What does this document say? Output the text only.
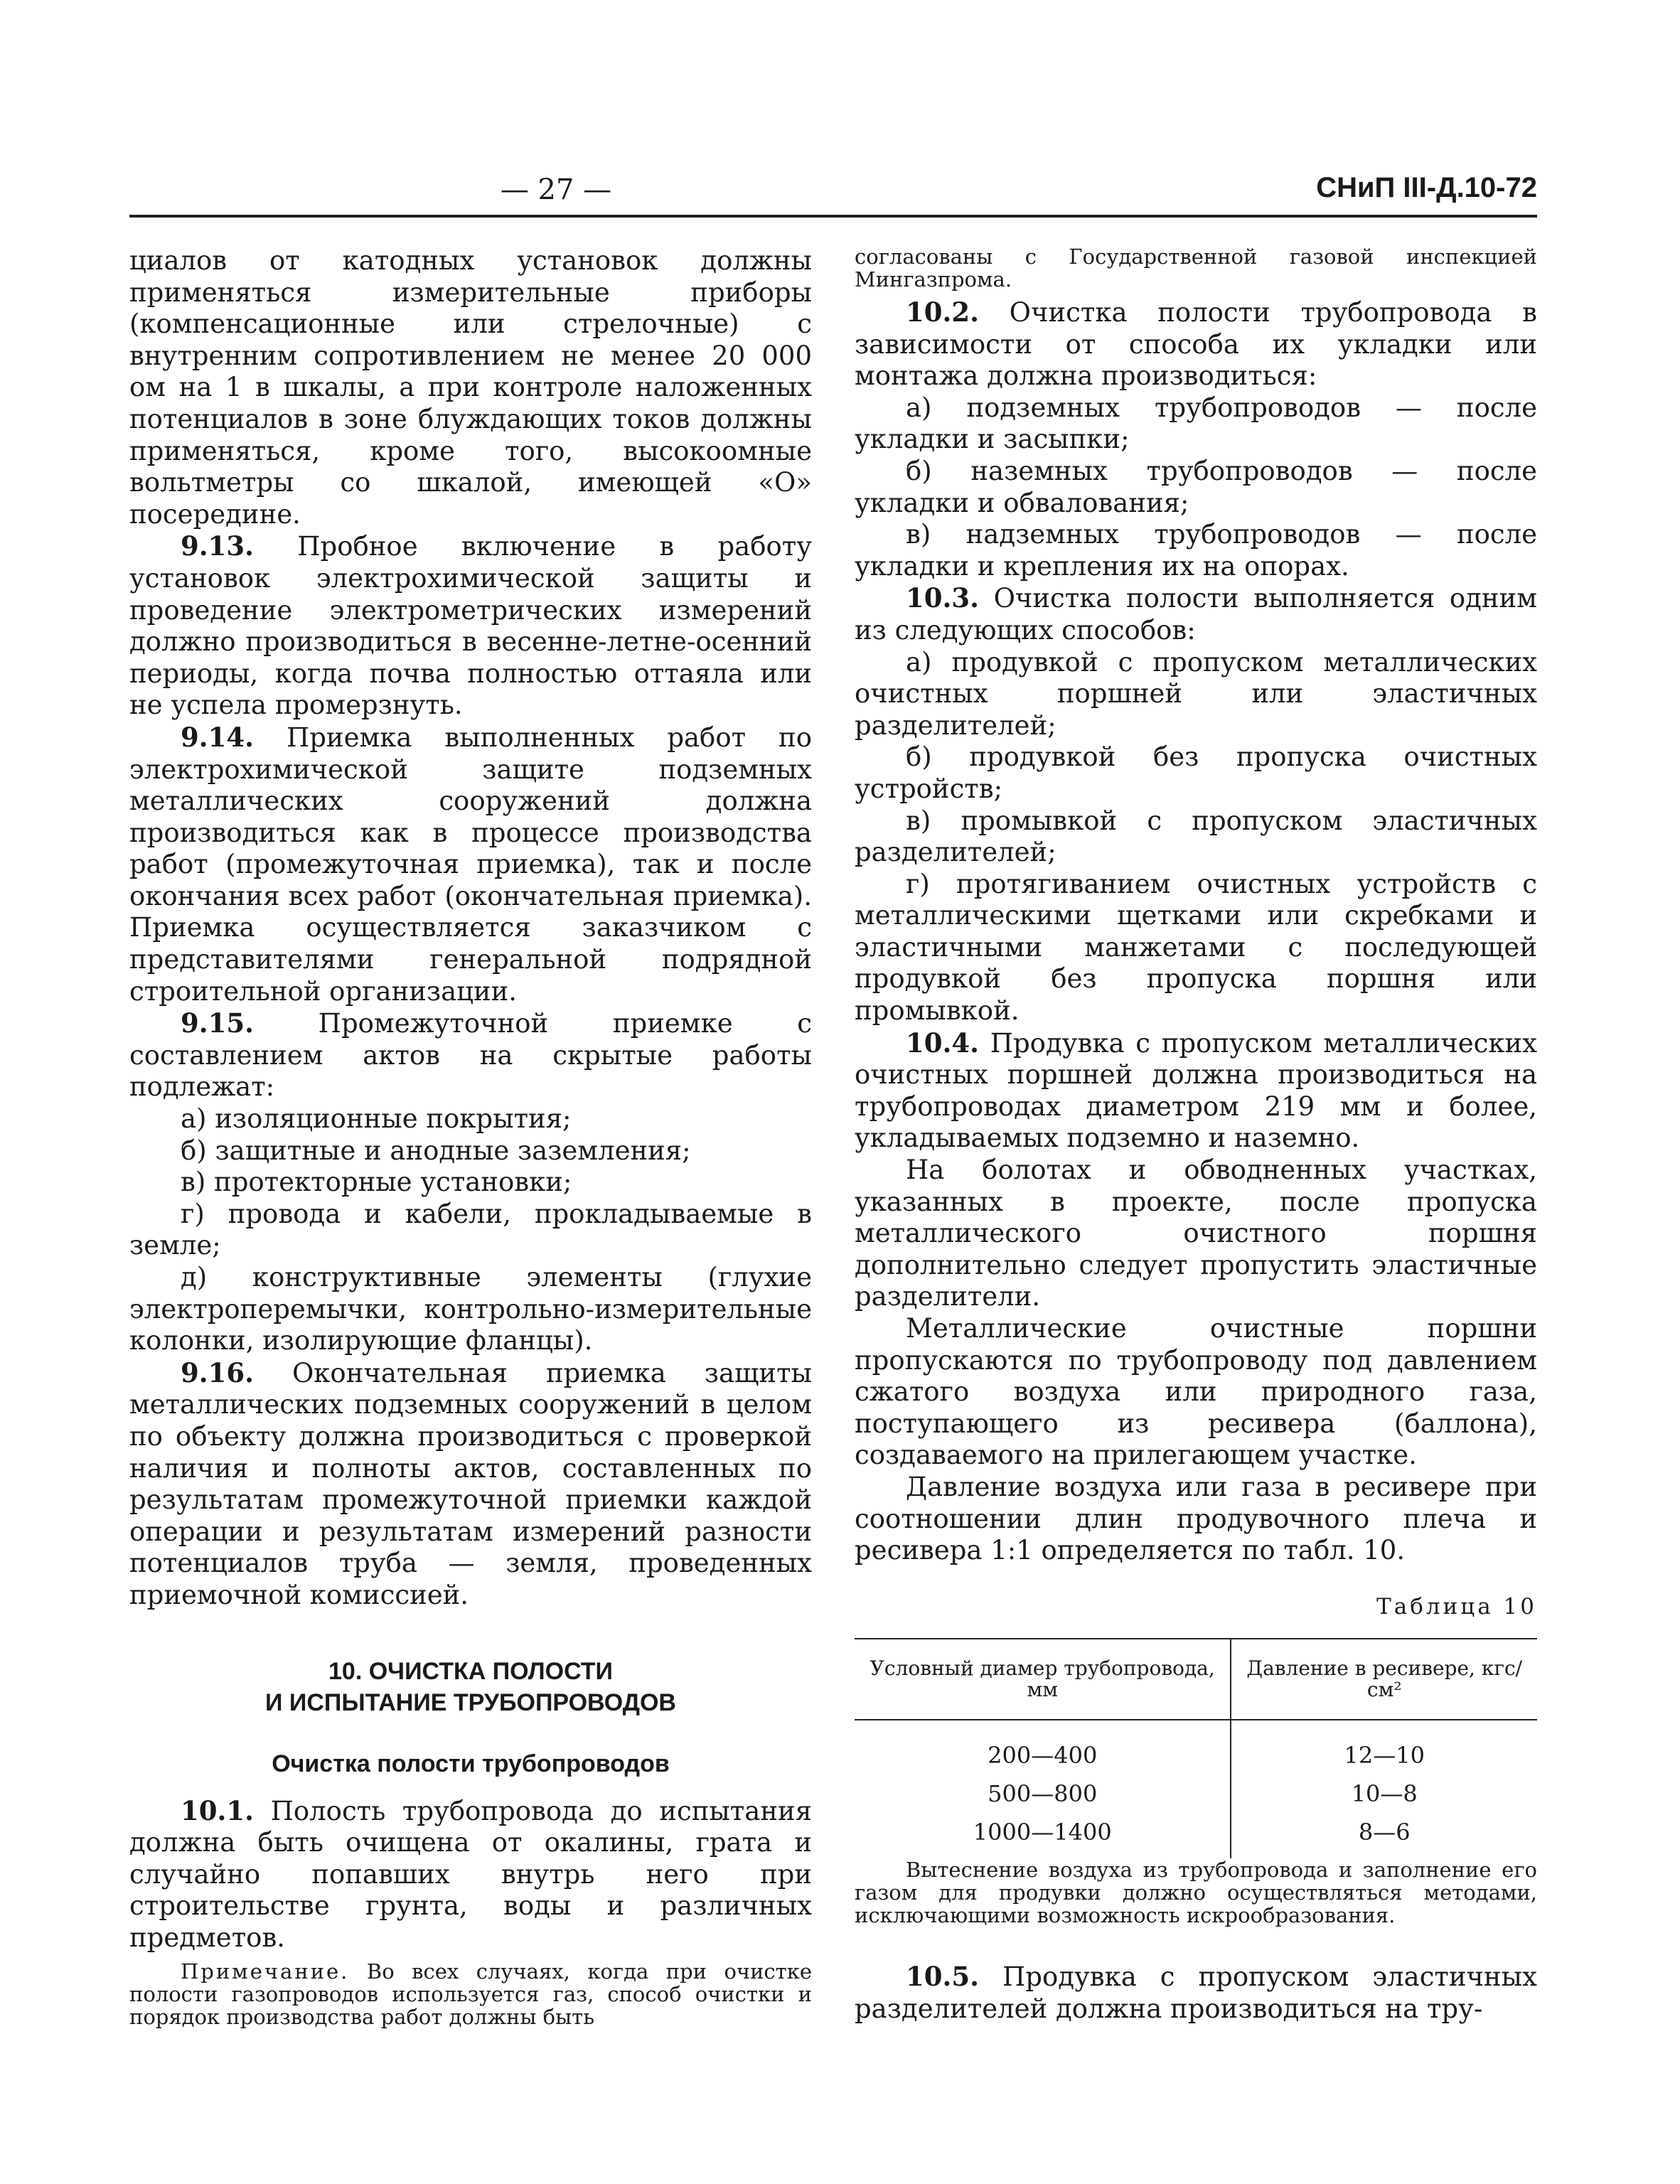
— 27 —	СНиП III-Д.10-72

циалов от катодных установок должны применяться измерительные приборы (компенсационные или стрелочные) с внутренним сопротивлением не менее 20 000 ом на 1 в шкалы, а при контроле наложенных потенциалов в зоне блуждающих токов должны применяться, кроме того, высокоомные вольтметры со шкалой, имеющей «О» посередине.

9.13. Пробное включение в работу установок электрохимической защиты и проведение электрометрических измерений должно производиться в весенне-летне-осенний периоды, когда почва полностью оттаяла или не успела промерзнуть.

9.14. Приемка выполненных работ по электрохимической защите подземных металлических сооружений должна производиться как в процессе производства работ (промежуточная приемка), так и после окончания всех работ (окончательная приемка). Приемка осуществляется заказчиком с представителями генеральной подрядной строительной организации.

9.15. Промежуточной приемке с составлением актов на скрытые работы подлежат:

а) изоляционные покрытия;

б) защитные и анодные заземления;

в) протекторные установки;

г) провода и кабели, прокладываемые в земле;

д) конструктивные элементы (глухие электроперемычки, контрольно-измерительные колонки, изолирующие фланцы).

9.16. Окончательная приемка защиты металлических подземных сооружений в целом по объекту должна производиться с проверкой наличия и полноты актов, составленных по результатам промежуточной приемки каждой операции и результатам измерений разности потенциалов труба — земля, проведенных приемочной комиссией.

10. ОЧИСТКА ПОЛОСТИ
И ИСПЫТАНИЕ ТРУБОПРОВОДОВ
Очистка полости трубопроводов

10.1. Полость трубопровода до испытания должна быть очищена от окалины, грата и случайно попавших внутрь него при строительстве грунта, воды и различных предметов.

Примечание. Во всех случаях, когда при очистке полости газопроводов используется газ, способ очистки и порядок производства работ должны быть

согласованы с Государственной газовой инспекцией Мингазпрома.

10.2. Очистка полости трубопровода в зависимости от способа их укладки или монтажа должна производиться:

а) подземных трубопроводов — после укладки и засыпки;

б) наземных трубопроводов — после укладки и обвалования;

в) надземных трубопроводов — после укладки и крепления их на опорах.

10.3. Очистка полости выполняется одним из следующих способов:

а) продувкой с пропуском металлических очистных поршней или эластичных разделителей;

б) продувкой без пропуска очистных устройств;

в) промывкой с пропуском эластичных разделителей;

г) протягиванием очистных устройств с металлическими щетками или скребками и эластичными манжетами с последующей продувкой без пропуска поршня или промывкой.

10.4. Продувка с пропуском металлических очистных поршней должна производиться на трубопроводах диаметром 219 мм и более, укладываемых подземно и наземно.

На болотах и обводненных участках, указанных в проекте, после пропуска металлического очистного поршня дополнительно следует пропустить эластичные разделители.

Металлические очистные поршни пропускаются по трубопроводу под давлением сжатого воздуха или природного газа, поступающего из ресивера (баллона), создаваемого на прилегающем участке.

Давление воздуха или газа в ресивере при соотношении длин продувочного плеча и ресивера 1:1 определяется по табл. 10.

Таблица 10
Условный диамер трубопровода, мм	Давление в ресивере, кгс/см²
200—400	12—10
500—800	10—8
1000—1400	8—6

Вытеснение воздуха из трубопровода и заполнение его газом для продувки должно осуществляться методами, исключающими возможность искрообразования.

10.5. Продувка с пропуском эластичных разделителей должна производиться на тру-
